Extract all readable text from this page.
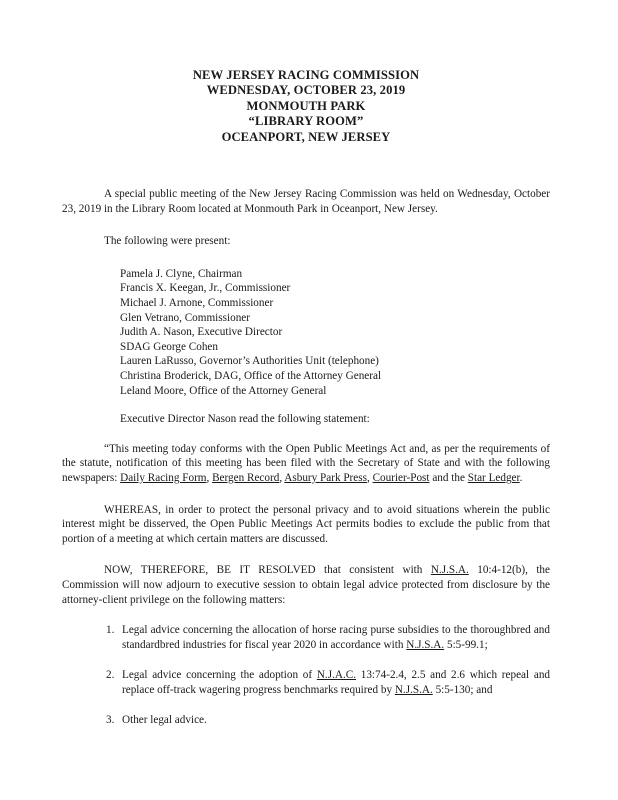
NEW JERSEY RACING COMMISSION
WEDNESDAY, OCTOBER 23, 2019
MONMOUTH PARK
“LIBRARY ROOM”
OCEANPORT, NEW JERSEY

A special public meeting of the New Jersey Racing Commission was held on Wednesday, October 23, 2019 in the Library Room located at Monmouth Park in Oceanport, New Jersey.

The following were present:

Pamela J. Clyne, Chairman
Francis X. Keegan, Jr., Commissioner
Michael J. Arnone, Commissioner
Glen Vetrano, Commissioner
Judith A. Nason, Executive Director
SDAG George Cohen
Lauren LaRusso, Governor’s Authorities Unit (telephone)
Christina Broderick, DAG, Office of the Attorney General
Leland Moore, Office of the Attorney General

Executive Director Nason read the following statement:

“This meeting today conforms with the Open Public Meetings Act and, as per the requirements of the statute, notification of this meeting has been filed with the Secretary of State and with the following newspapers: Daily Racing Form, Bergen Record, Asbury Park Press, Courier-Post and the Star Ledger.

WHEREAS, in order to protect the personal privacy and to avoid situations wherein the public interest might be disserved, the Open Public Meetings Act permits bodies to exclude the public from that portion of a meeting at which certain matters are discussed.

NOW, THEREFORE, BE IT RESOLVED that consistent with N.J.S.A. 10:4-12(b), the Commission will now adjourn to executive session to obtain legal advice protected from disclosure by the attorney-client privilege on the following matters:

1. Legal advice concerning the allocation of horse racing purse subsidies to the thoroughbred and standardbred industries for fiscal year 2020 in accordance with N.J.S.A. 5:5-99.1;
2. Legal advice concerning the adoption of N.J.A.C. 13:74-2.4, 2.5 and 2.6 which repeal and replace off-track wagering progress benchmarks required by N.J.S.A. 5:5-130; and
3. Other legal advice.
